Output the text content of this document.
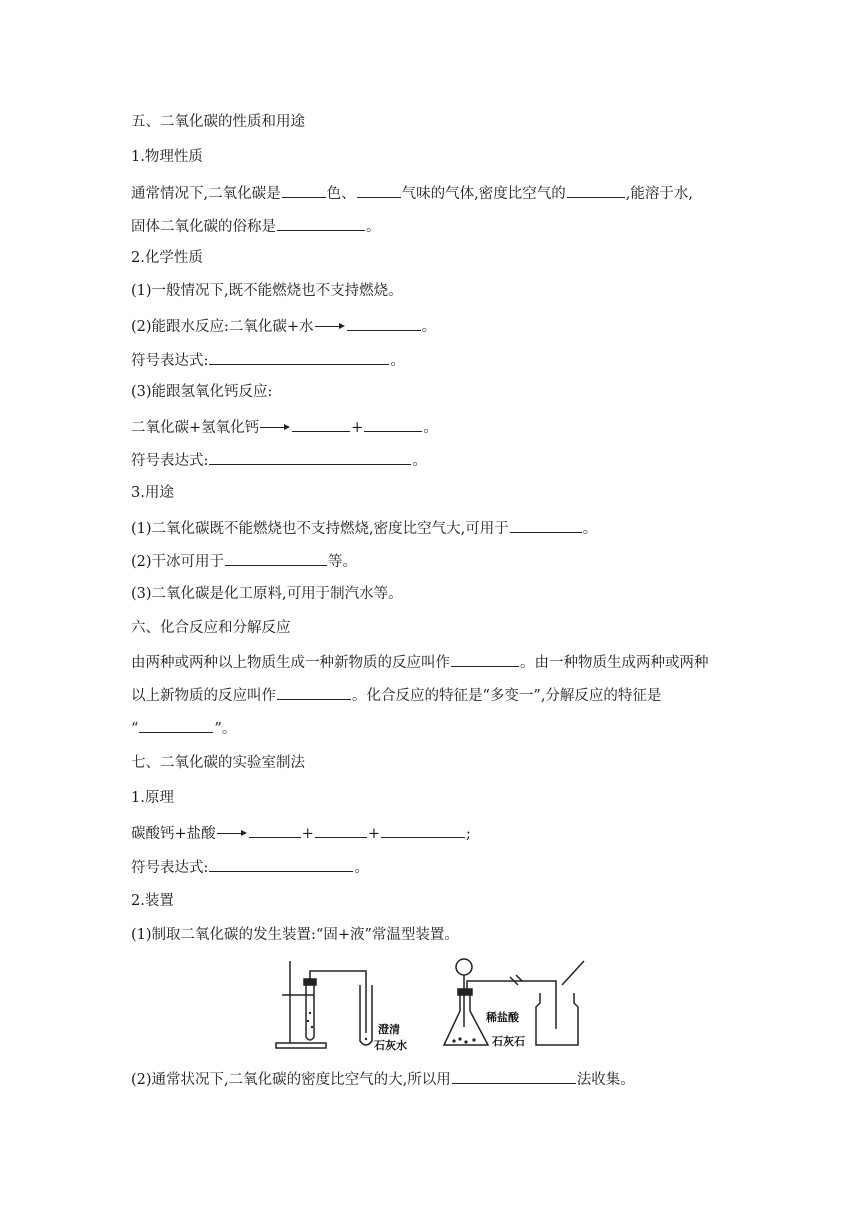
五、二氧化碳的性质和用途
1.物理性质
通常情况下,二氧化碳是	色、	气味的气体,密度比空气的	,能溶于水,
固体二氧化碳的俗称是	。
2.化学性质
(1)一般情况下,既不能燃烧也不支持燃烧。
(2)能跟水反应:二氧化碳+水	。
符号表达式:	。
(3)能跟氢氧化钙反应:
二氧化碳+氢氧化钙	+	。
符号表达式:	。
3.用途
(1)二氧化碳既不能燃烧也不支持燃烧,密度比空气大,可用于	。
(2)干冰可用于	等。
(3)二氧化碳是化工原料,可用于制汽水等。
六、化合反应和分解反应
由两种或两种以上物质生成一种新物质的反应叫作	。由一种物质生成两种或两种
以上新物质的反应叫作	。化合反应的特征是“多变一”,分解反应的特征是
“	”。
七、二氧化碳的实验室制法
1.原理
碳酸钙+盐酸	+	+	;
符号表达式:	。
2.装置
(1)制取二氧化碳的发生装置:“固+液”常温型装置。
澄清
石灰水
稀盐酸
石灰石
(2)通常状况下,二氧化碳的密度比空气的大,所以用	法收集。
